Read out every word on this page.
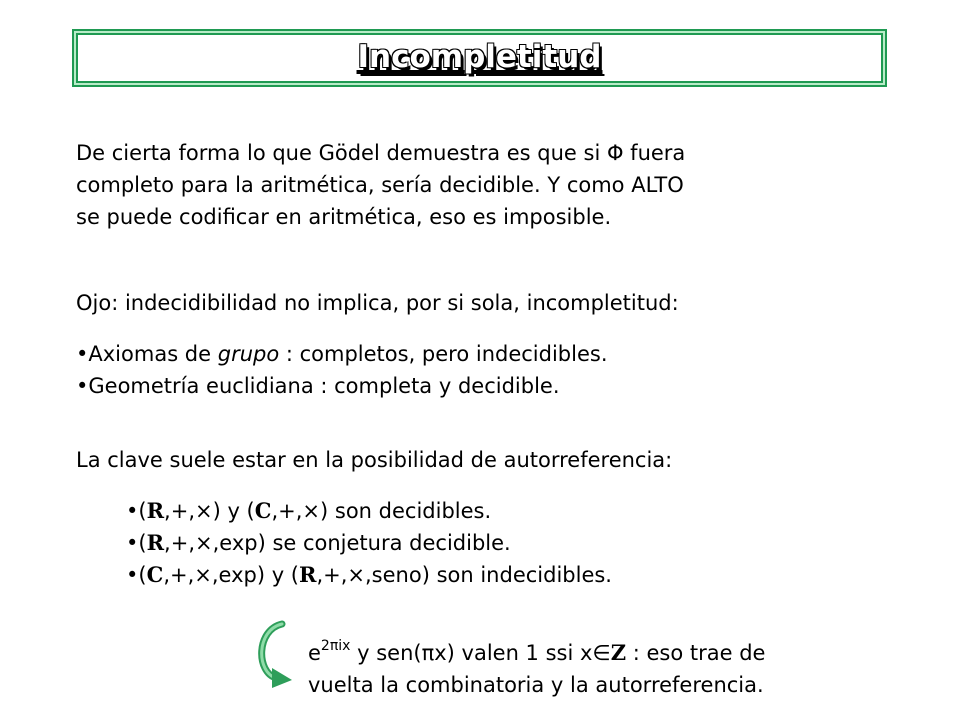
Incompletitud
De cierta forma lo que Gödel demuestra es que si Φ fuera
completo para la aritmética, sería decidible. Y como ALTO
se puede codificar en aritmética, eso es imposible.
Ojo: indecidibilidad no implica, por si sola, incompletitud:
•Axiomas de grupo : completos, pero indecidibles.
•Geometría euclidiana : completa y decidible.
La clave suele estar en la posibilidad de autorreferencia:
•(R,+,×) y (C,+,×) son decidibles.
•(R,+,×,exp) se conjetura decidible.
•(C,+,×,exp) y (R,+,×,seno) son indecidibles.
$e^{2\pi ix}$ y sen(πx) valen 1 ssi x∈Z : eso trae de
vuelta la combinatoria y la autorreferencia.
